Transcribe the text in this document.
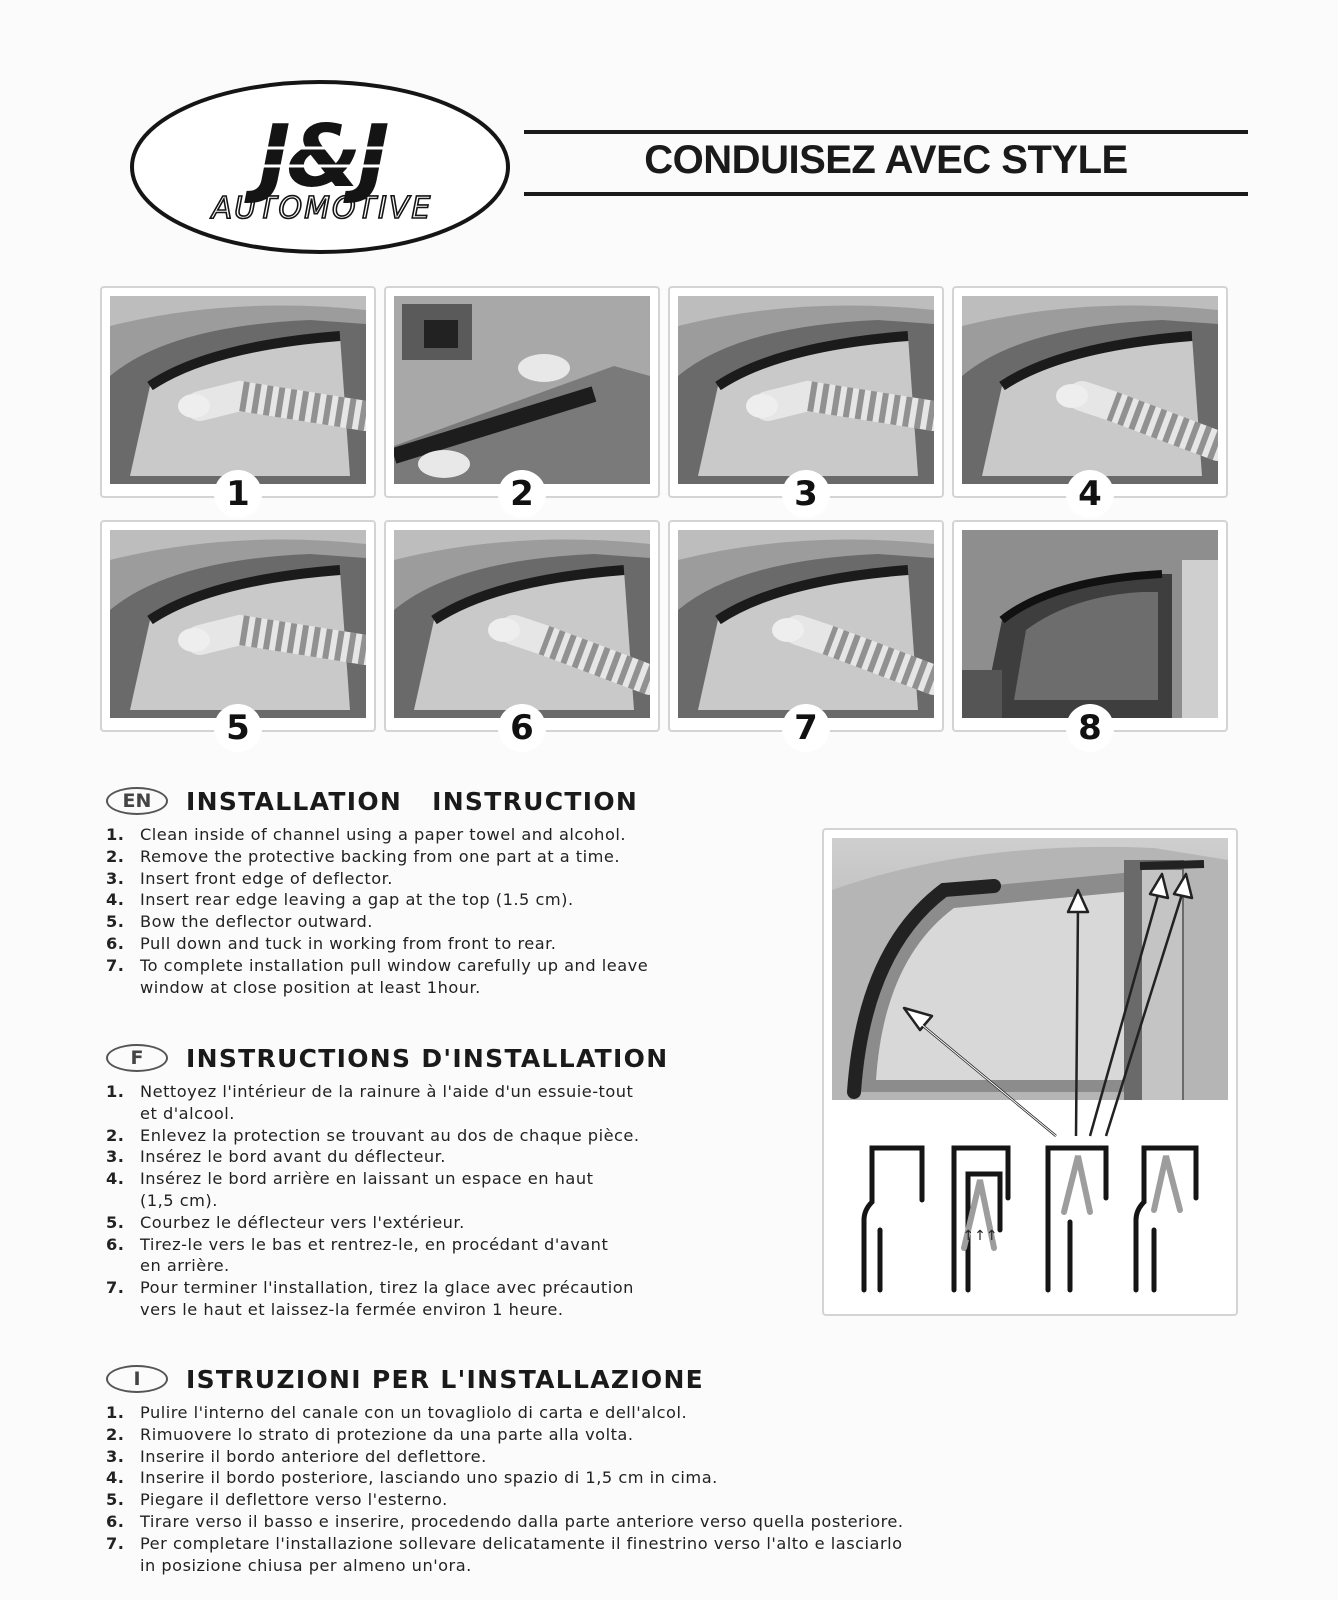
J&J
AUTOMOTIVE
CONDUISEZ AVEC STYLE
1	2	3	4
5	6	7	8
EN	INSTALLATION   INSTRUCTION
1. Clean inside of channel using a paper towel and alcohol.
2. Remove the protective backing from one part at a time.
3. Insert front edge of deflector.
4. Insert rear edge leaving a gap at the top (1.5 cm).
5. Bow the deflector outward.
6. Pull down and tuck in working from front to rear.
7. To complete installation pull window carefully up and leave
window at close position at least 1hour.
F	INSTRUCTIONS D'INSTALLATION
1. Nettoyez l'intérieur de la rainure à l'aide d'un essuie-tout
et d'alcool.
2. Enlevez la protection se trouvant au dos de chaque pièce.
3. Insérez le bord avant du déflecteur.
4. Insérez le bord arrière en laissant un espace en haut
(1,5 cm).
5. Courbez le déflecteur vers l'extérieur.
6. Tirez-le vers le bas et rentrez-le, en procédant d'avant
en arrière.
7. Pour terminer l'installation, tirez la glace avec précaution
vers le haut et laissez-la fermée environ 1 heure.
I	ISTRUZIONI PER L'INSTALLAZIONE
1. Pulire l'interno del canale con un tovagliolo di carta e dell'alcol.
2. Rimuovere lo strato di protezione da una parte alla volta.
3. Inserire il bordo anteriore del deflettore.
4. Inserire il bordo posteriore, lasciando uno spazio di 1,5 cm in cima.
5. Piegare il deflettore verso l'esterno.
6. Tirare verso il basso e inserire, procedendo dalla parte anteriore verso quella posteriore.
7. Per completare l'installazione sollevare delicatamente il finestrino verso l'alto e lasciarlo
in posizione chiusa per almeno un'ora.
↑↑↑
